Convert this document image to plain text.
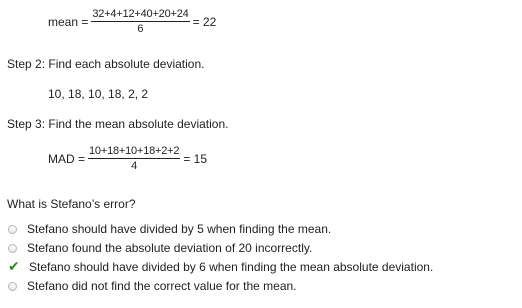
mean = $\frac{32+4+12+40+20+24}{6} = 22$
Step 2: Find each absolute deviation.
10, 18, 10, 18, 2, 2
Step 3: Find the mean absolute deviation.
MAD = $\frac{10+18+10+18+2+2}{4} = 15$
What is Stefano’s error?
Stefano should have divided by 5 when finding the mean.
Stefano found the absolute deviation of 20 incorrectly.
✔ Stefano should have divided by 6 when finding the mean absolute deviation.
Stefano did not find the correct value for the mean.
